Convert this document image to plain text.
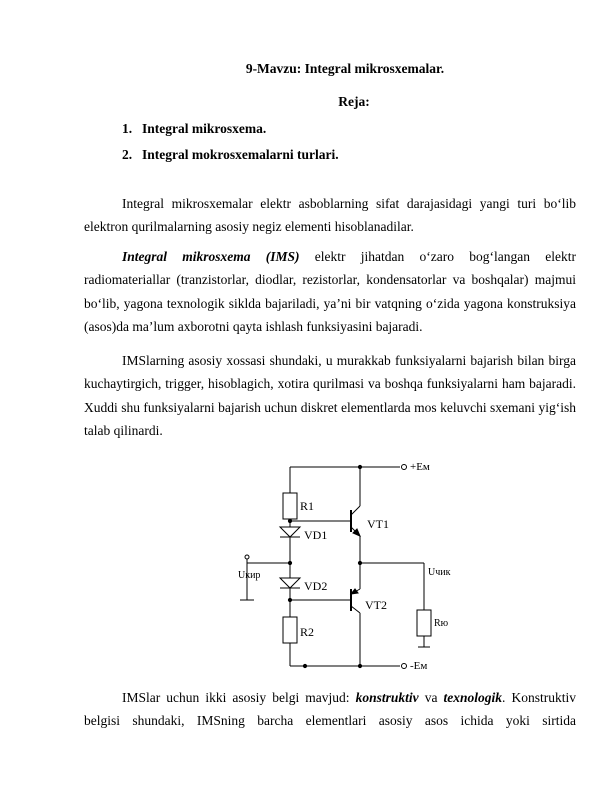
9-Mavzu: Integral mikrosxemalar.
Reja:
1. Integral mikrosxema.
2. Integral mokrosxemalarni turlari.

Integral mikrosxemalar elektr asboblarning sifat darajasidagi yangi turi bo‘lib elektron qurilmalarning asosiy negiz elementi hisoblanadilar.

Integral mikrosxema (IMS) elektr jihatdan o‘zaro bog‘langan elektr radiomateriallar (tranzistorlar, diodlar, rezistorlar, kondensatorlar va boshqalar) majmui bo‘lib, yagona texnologik siklda bajariladi, ya’ni bir vatqning o‘zida yagona konstruksiya (asos)da ma’lum axborotni qayta ishlash funksiyasini bajaradi.

IMSlarning asosiy xossasi shundaki, u murakkab funksiyalarni bajarish bilan birga kuchaytirgich, trigger, hisoblagich, xotira qurilmasi va boshqa funksiyalarni ham bajaradi. Xuddi shu funksiyalarni bajarish uchun diskret elementlarda mos keluvchi sxemani yig‘ish talab qilinardi.

+Eм
-Eм
R1
VD1
VT1
VD2
VT2
R2
Uкир	Uчик
Rю

IMSlar uchun ikki asosiy belgi mavjud: konstruktiv va texnologik. Konstruktiv belgisi shundaki, IMSning barcha elementlari asosiy asos ichida yoki sirtida
